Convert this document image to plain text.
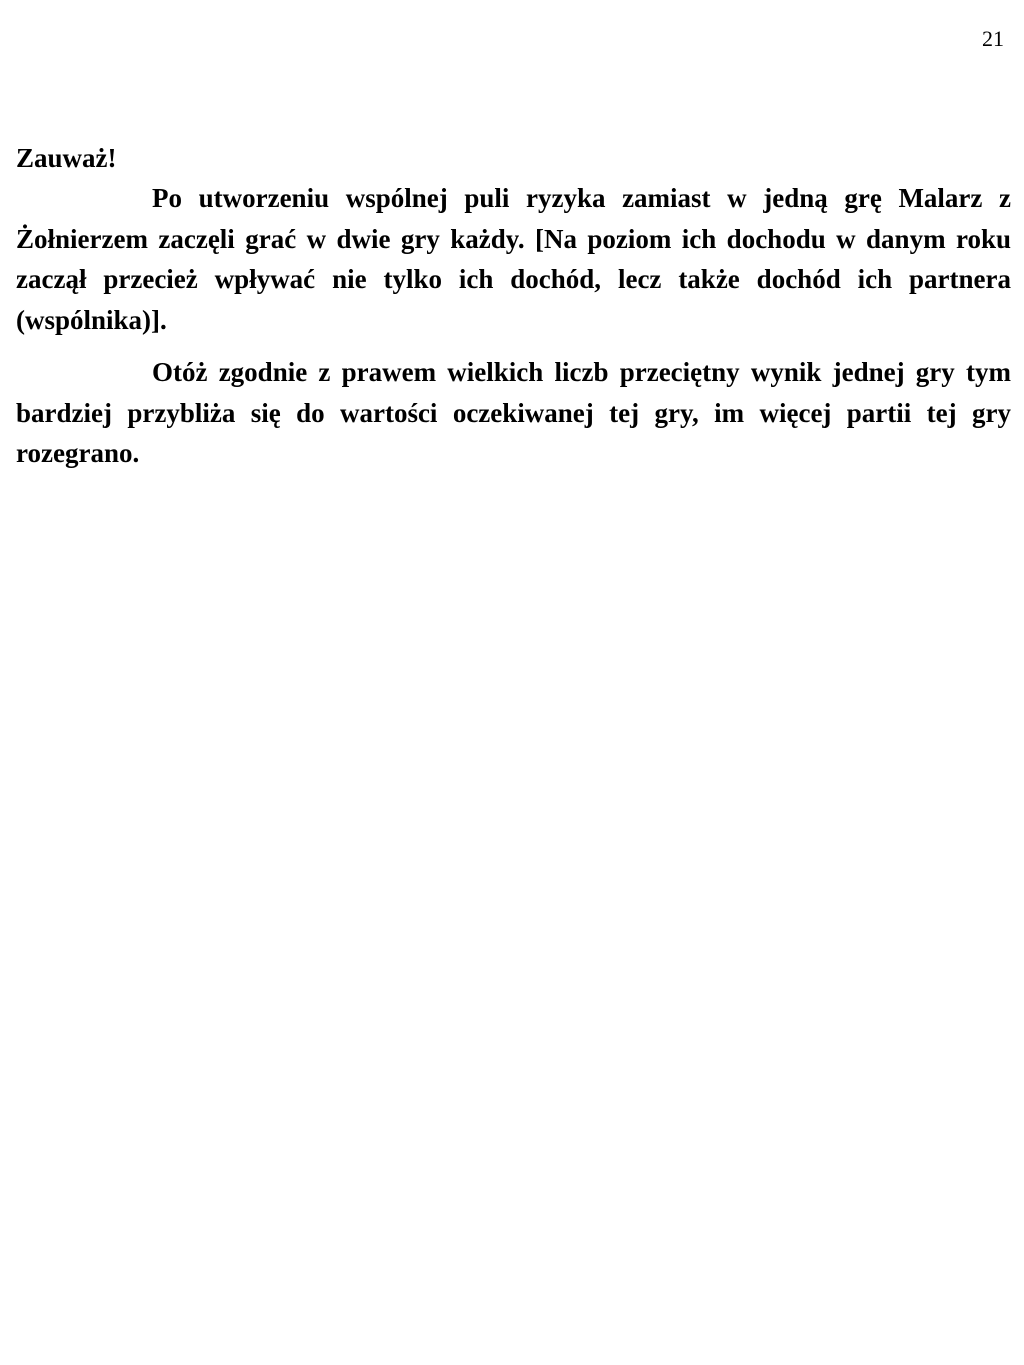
21

Zauważ!

Po utworzeniu wspólnej puli ryzyka zamiast w jedną grę Malarz z Żołnierzem zaczęli grać w dwie gry każdy. [Na poziom ich dochodu w danym roku zaczął przecież wpływać nie tylko ich dochód, lecz także dochód ich partnera (wspólnika)].

Otóż zgodnie z prawem wielkich liczb przeciętny wynik jednej gry tym bardziej przybliża się do wartości oczekiwanej tej gry, im więcej partii tej gry rozegrano.
